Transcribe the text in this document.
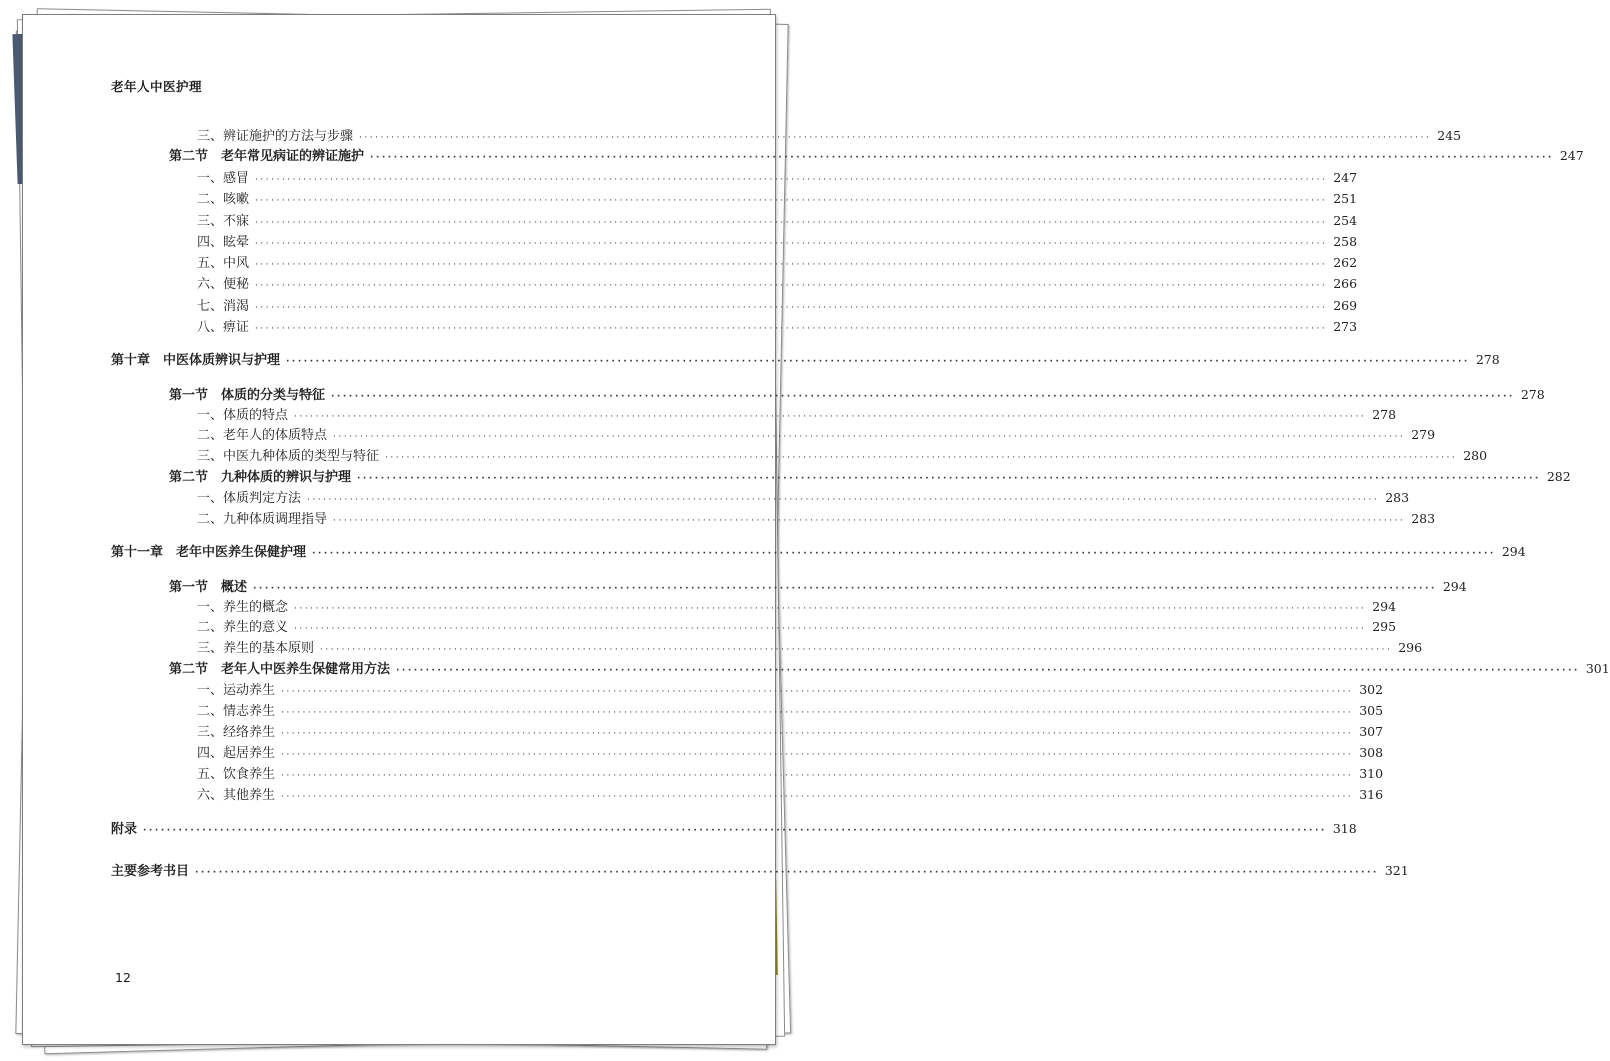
老年人中医护理
三、辨证施护的方法与步骤 ········································································································································································································ 245
第二节　老年常见病证的辨证施护 ········································································································································································································ 247
一、感冒 ········································································································································································································ 247
二、咳嗽 ········································································································································································································ 251
三、不寐 ········································································································································································································ 254
四、眩晕 ········································································································································································································ 258
五、中风 ········································································································································································································ 262
六、便秘 ········································································································································································································ 266
七、消渴 ········································································································································································································ 269
八、痹证 ········································································································································································································ 273
第十章　中医体质辨识与护理 ········································································································································································································ 278
第一节　体质的分类与特征 ········································································································································································································ 278
一、体质的特点 ········································································································································································································ 278
二、老年人的体质特点 ········································································································································································································ 279
三、中医九种体质的类型与特征 ········································································································································································································ 280
第二节　九种体质的辨识与护理 ········································································································································································································ 282
一、体质判定方法 ········································································································································································································ 283
二、九种体质调理指导 ········································································································································································································ 283
第十一章　老年中医养生保健护理 ········································································································································································································ 294
第一节　概述 ········································································································································································································ 294
一、养生的概念 ········································································································································································································ 294
二、养生的意义 ········································································································································································································ 295
三、养生的基本原则 ········································································································································································································ 296
第二节　老年人中医养生保健常用方法 ········································································································································································································ 301
一、运动养生 ········································································································································································································ 302
二、情志养生 ········································································································································································································ 305
三、经络养生 ········································································································································································································ 307
四、起居养生 ········································································································································································································ 308
五、饮食养生 ········································································································································································································ 310
六、其他养生 ········································································································································································································ 316
附录 ········································································································································································································ 318
主要参考书目 ········································································································································································································ 321
12
